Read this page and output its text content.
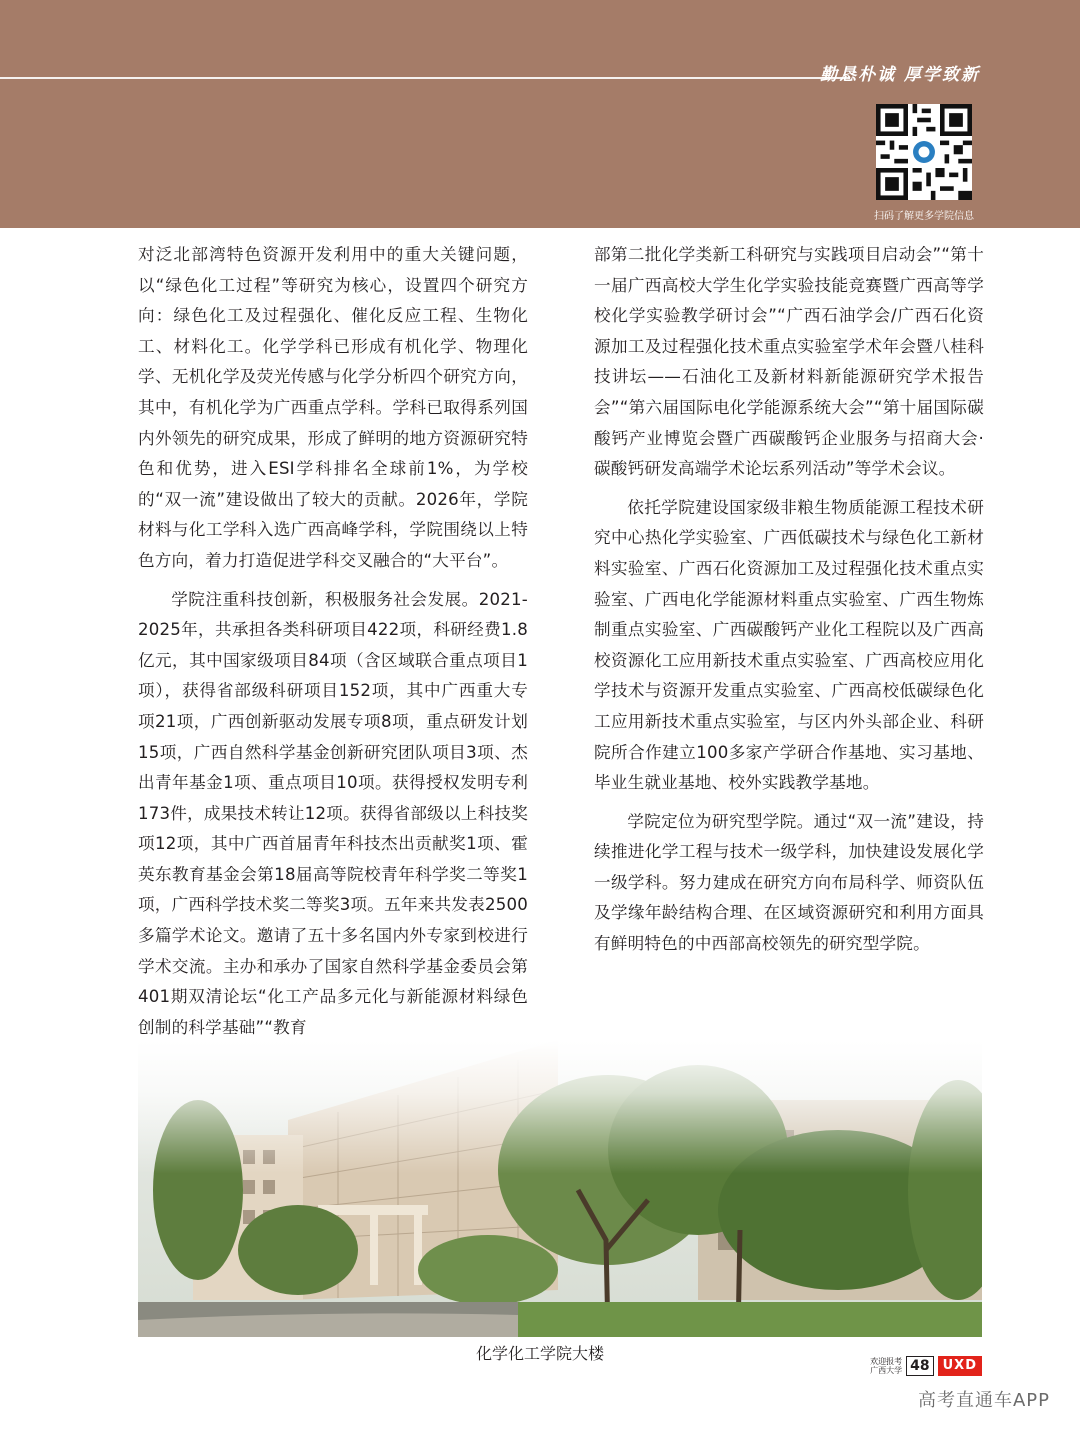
勤恳朴诚 厚学致新
扫码了解更多学院信息

对泛北部湾特色资源开发利用中的重大关键问题，以“绿色化工过程”等研究为核心，设置四个研究方向：绿色化工及过程强化、催化反应工程、生物化工、材料化工。化学学科已形成有机化学、物理化学、无机化学及荧光传感与化学分析四个研究方向，其中，有机化学为广西重点学科。学科已取得系列国内外领先的研究成果，形成了鲜明的地方资源研究特色和优势，进入ESI学科排名全球前1%，为学校的“双一流”建设做出了较大的贡献。2026年，学院材料与化工学科入选广西高峰学科，学院围绕以上特色方向，着力打造促进学科交叉融合的“大平台”。

学院注重科技创新，积极服务社会发展。2021-2025年，共承担各类科研项目422项，科研经费1.8亿元，其中国家级项目84项（含区域联合重点项目1项），获得省部级科研项目152项，其中广西重大专项21项，广西创新驱动发展专项8项，重点研发计划15项，广西自然科学基金创新研究团队项目3项、杰出青年基金1项、重点项目10项。获得授权发明专利173件，成果技术转让12项。获得省部级以上科技奖项12项，其中广西首届青年科技杰出贡献奖1项、霍英东教育基金会第18届高等院校青年科学奖二等奖1项，广西科学技术奖二等奖3项。五年来共发表2500多篇学术论文。邀请了五十多名国内外专家到校进行学术交流。主办和承办了国家自然科学基金委员会第401期双清论坛“化工产品多元化与新能源材料绿色创制的科学基础”“教育

部第二批化学类新工科研究与实践项目启动会”“第十一届广西高校大学生化学实验技能竞赛暨广西高等学校化学实验教学研讨会”“广西石油学会/广西石化资源加工及过程强化技术重点实验室学术年会暨八桂科技讲坛——石油化工及新材料新能源研究学术报告会”“第六届国际电化学能源系统大会”“第十届国际碳酸钙产业博览会暨广西碳酸钙企业服务与招商大会·碳酸钙研发高端学术论坛系列活动”等学术会议。

依托学院建设国家级非粮生物质能源工程技术研究中心热化学实验室、广西低碳技术与绿色化工新材料实验室、广西石化资源加工及过程强化技术重点实验室、广西电化学能源材料重点实验室、广西生物炼制重点实验室、广西碳酸钙产业化工程院以及广西高校资源化工应用新技术重点实验室、广西高校应用化学技术与资源开发重点实验室、广西高校低碳绿色化工应用新技术重点实验室，与区内外头部企业、科研院所合作建立100多家产学研合作基地、实习基地、毕业生就业基地、校外实践教学基地。

学院定位为研究型学院。通过“双一流”建设，持续推进化学工程与技术一级学科，加快建设发展化学一级学科。努力建成在研究方向布局科学、师资队伍及学缘年龄结构合理、在区域资源研究和利用方面具有鲜明特色的中西部高校领先的研究型学院。

化学化工学院大楼	欢迎报考
广西大学 48	UXD
高考直通车APP
